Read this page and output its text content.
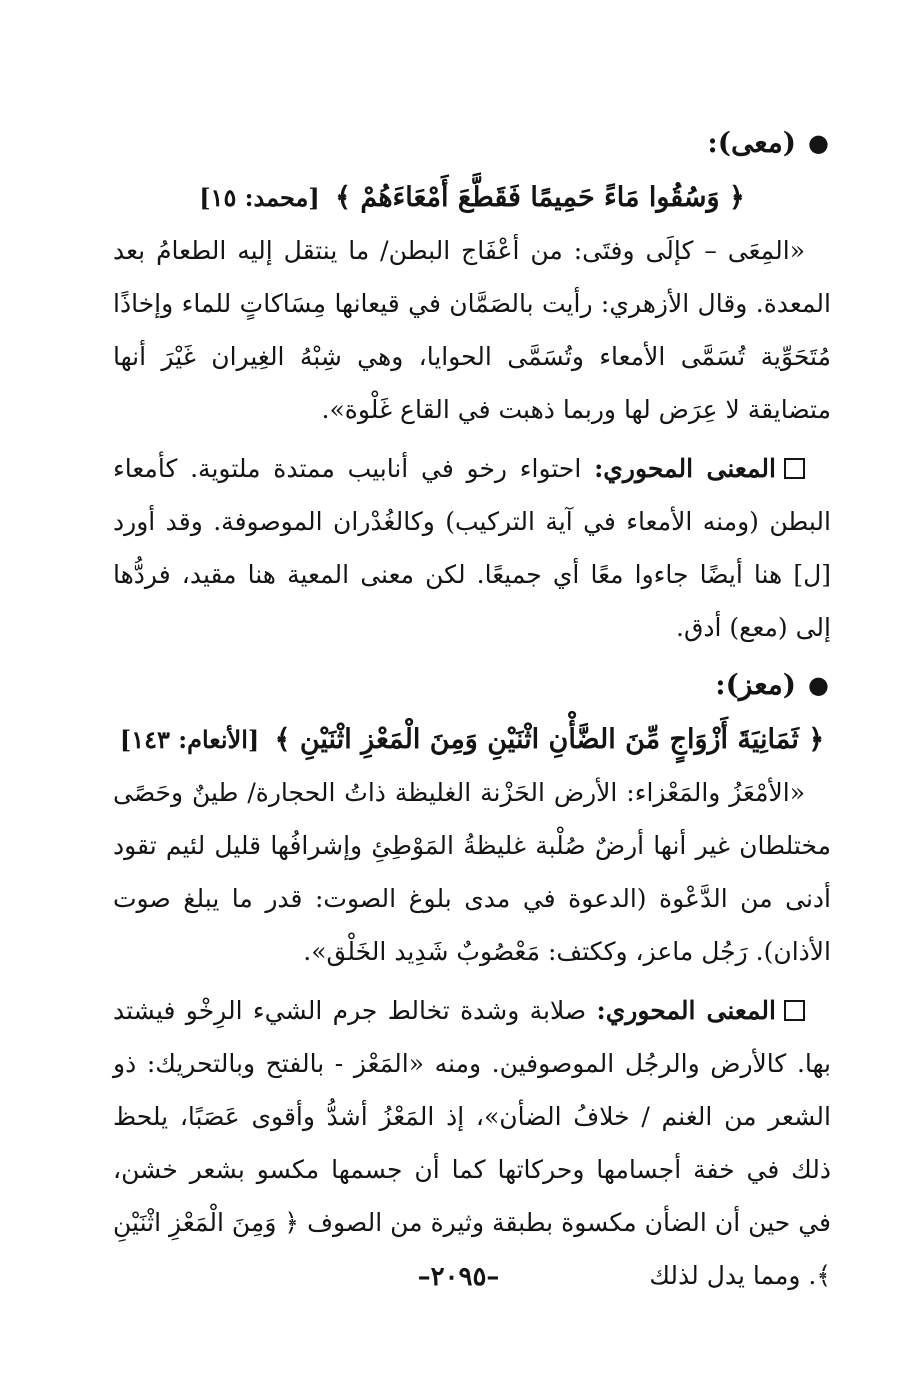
●
(معى):
﴿ وَسُقُوا مَاءً حَمِيمًا فَقَطَّعَ أَمْعَاءَهُمْ ﴾ [محمد: ١٥]

«المِعَى – كإلَى وفتَى: من أعْفَاج البطن/ ما ينتقل إليه الطعامُ بعد المعدة. وقال الأزهري: رأيت بالصَمَّان في قيعانها مِسَاكاتٍ للماء وإخاذًا مُتَحَوِّية تُسَمَّى الأمعاء وتُسَمَّى الحوايا، وهي شِبْهُ الغِيران غَيْرَ أنها متضايقة لا عِرَض لها وربما ذهبت في القاع غَلْوة».

المعنى المحوري: احتواء رخو في أنابيب ممتدة ملتوية. كأمعاء البطن (ومنه الأمعاء في آية التركيب) وكالغُدْران الموصوفة. وقد أورد [ل] هنا أيضًا جاءوا معًا أي جميعًا. لكن معنى المعية هنا مقيد، فردُّها إلى (معع) أدق.

●
(معز):
﴿ ثَمَانِيَةَ أَزْوَاجٍ مِّنَ الضَّأْنِ اثْنَيْنِ وَمِنَ الْمَعْزِ اثْنَيْنِ ﴾ [الأنعام: ١٤٣]

«الأمْعَزُ والمَعْزاء: الأرض الحَزْنة الغليظة ذاتُ الحجارة/ طينٌ وحَصًى مختلطان غير أنها أرضٌ صُلْبة غليظةُ المَوْطِئِ وإشرافُها قليل لئيم تقود أدنى من الدَّعْوة (الدعوة في مدى بلوغ الصوت: قدر ما يبلغ صوت الأذان). رَجُل ماعز، وككتف: مَعْصُوبٌ شَدِيد الخَلْق».

المعنى المحوري: صلابة وشدة تخالط جرم الشيء الرِخْو فيشتد بها. كالأرض والرجُل الموصوفين. ومنه «المَعْز - بالفتح وبالتحريك: ذو الشعر من الغنم / خلافُ الضأن»، إذ المَعْزُ أشدُّ وأقوى عَصَبًا، يلحظ ذلك في خفة أجسامها وحركاتها كما أن جسمها مكسو بشعر خشن، في حين أن الضأن مكسوة بطبقة وثيرة من الصوف ﴿ وَمِنَ الْمَعْزِ اثْنَيْنِ ﴾. ومما يدل لذلك

–٢٠٩٥–
